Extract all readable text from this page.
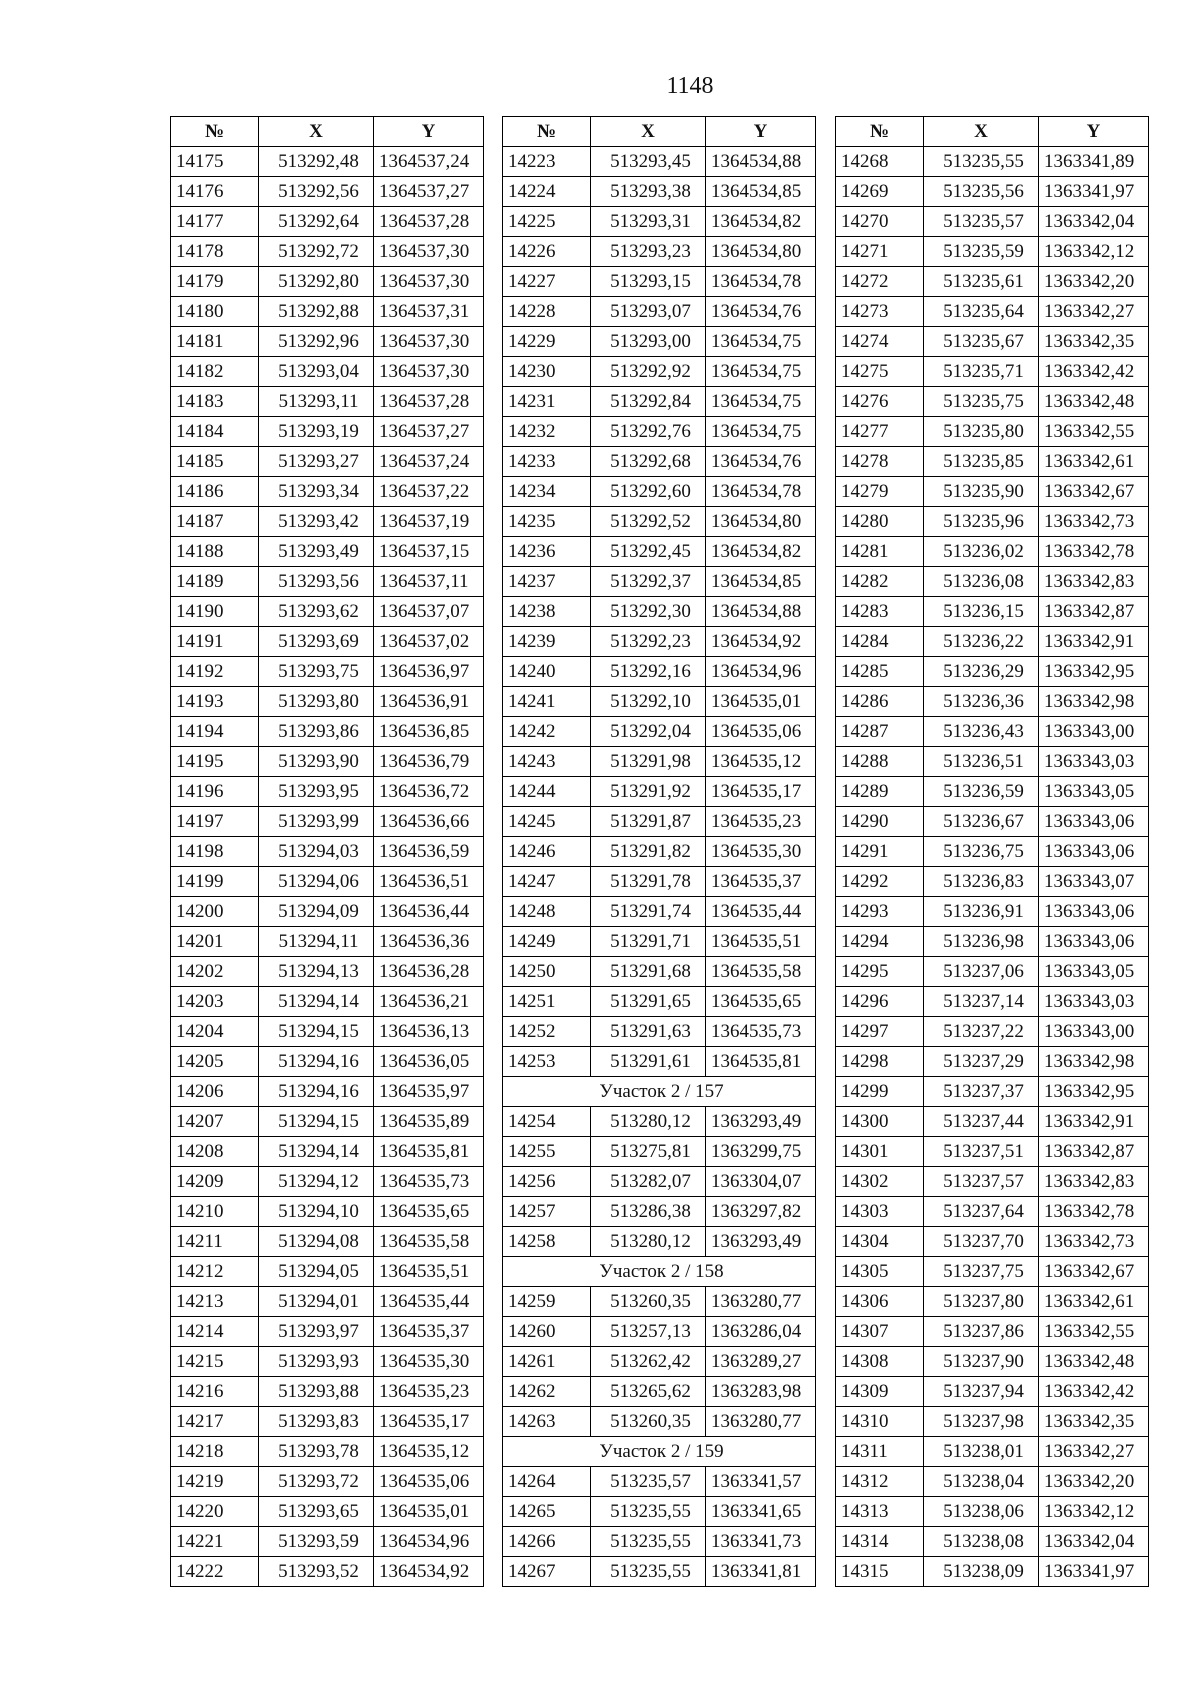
1148
№	X	Y
14175	513292,48	1364537,24
14176	513292,56	1364537,27
14177	513292,64	1364537,28
14178	513292,72	1364537,30
14179	513292,80	1364537,30
14180	513292,88	1364537,31
14181	513292,96	1364537,30
14182	513293,04	1364537,30
14183	513293,11	1364537,28
14184	513293,19	1364537,27
14185	513293,27	1364537,24
14186	513293,34	1364537,22
14187	513293,42	1364537,19
14188	513293,49	1364537,15
14189	513293,56	1364537,11
14190	513293,62	1364537,07
14191	513293,69	1364537,02
14192	513293,75	1364536,97
14193	513293,80	1364536,91
14194	513293,86	1364536,85
14195	513293,90	1364536,79
14196	513293,95	1364536,72
14197	513293,99	1364536,66
14198	513294,03	1364536,59
14199	513294,06	1364536,51
14200	513294,09	1364536,44
14201	513294,11	1364536,36
14202	513294,13	1364536,28
14203	513294,14	1364536,21
14204	513294,15	1364536,13
14205	513294,16	1364536,05
14206	513294,16	1364535,97
14207	513294,15	1364535,89
14208	513294,14	1364535,81
14209	513294,12	1364535,73
14210	513294,10	1364535,65
14211	513294,08	1364535,58
14212	513294,05	1364535,51
14213	513294,01	1364535,44
14214	513293,97	1364535,37
14215	513293,93	1364535,30
14216	513293,88	1364535,23
14217	513293,83	1364535,17
14218	513293,78	1364535,12
14219	513293,72	1364535,06
14220	513293,65	1364535,01
14221	513293,59	1364534,96
14222	513293,52	1364534,92
№	X	Y
14223	513293,45	1364534,88
14224	513293,38	1364534,85
14225	513293,31	1364534,82
14226	513293,23	1364534,80
14227	513293,15	1364534,78
14228	513293,07	1364534,76
14229	513293,00	1364534,75
14230	513292,92	1364534,75
14231	513292,84	1364534,75
14232	513292,76	1364534,75
14233	513292,68	1364534,76
14234	513292,60	1364534,78
14235	513292,52	1364534,80
14236	513292,45	1364534,82
14237	513292,37	1364534,85
14238	513292,30	1364534,88
14239	513292,23	1364534,92
14240	513292,16	1364534,96
14241	513292,10	1364535,01
14242	513292,04	1364535,06
14243	513291,98	1364535,12
14244	513291,92	1364535,17
14245	513291,87	1364535,23
14246	513291,82	1364535,30
14247	513291,78	1364535,37
14248	513291,74	1364535,44
14249	513291,71	1364535,51
14250	513291,68	1364535,58
14251	513291,65	1364535,65
14252	513291,63	1364535,73
14253	513291,61	1364535,81
Участок 2 / 157		
14254	513280,12	1363293,49
14255	513275,81	1363299,75
14256	513282,07	1363304,07
14257	513286,38	1363297,82
14258	513280,12	1363293,49
Участок 2 / 158		
14259	513260,35	1363280,77
14260	513257,13	1363286,04
14261	513262,42	1363289,27
14262	513265,62	1363283,98
14263	513260,35	1363280,77
Участок 2 / 159		
14264	513235,57	1363341,57
14265	513235,55	1363341,65
14266	513235,55	1363341,73
14267	513235,55	1363341,81
№	X	Y
14268	513235,55	1363341,89
14269	513235,56	1363341,97
14270	513235,57	1363342,04
14271	513235,59	1363342,12
14272	513235,61	1363342,20
14273	513235,64	1363342,27
14274	513235,67	1363342,35
14275	513235,71	1363342,42
14276	513235,75	1363342,48
14277	513235,80	1363342,55
14278	513235,85	1363342,61
14279	513235,90	1363342,67
14280	513235,96	1363342,73
14281	513236,02	1363342,78
14282	513236,08	1363342,83
14283	513236,15	1363342,87
14284	513236,22	1363342,91
14285	513236,29	1363342,95
14286	513236,36	1363342,98
14287	513236,43	1363343,00
14288	513236,51	1363343,03
14289	513236,59	1363343,05
14290	513236,67	1363343,06
14291	513236,75	1363343,06
14292	513236,83	1363343,07
14293	513236,91	1363343,06
14294	513236,98	1363343,06
14295	513237,06	1363343,05
14296	513237,14	1363343,03
14297	513237,22	1363343,00
14298	513237,29	1363342,98
14299	513237,37	1363342,95
14300	513237,44	1363342,91
14301	513237,51	1363342,87
14302	513237,57	1363342,83
14303	513237,64	1363342,78
14304	513237,70	1363342,73
14305	513237,75	1363342,67
14306	513237,80	1363342,61
14307	513237,86	1363342,55
14308	513237,90	1363342,48
14309	513237,94	1363342,42
14310	513237,98	1363342,35
14311	513238,01	1363342,27
14312	513238,04	1363342,20
14313	513238,06	1363342,12
14314	513238,08	1363342,04
14315	513238,09	1363341,97
